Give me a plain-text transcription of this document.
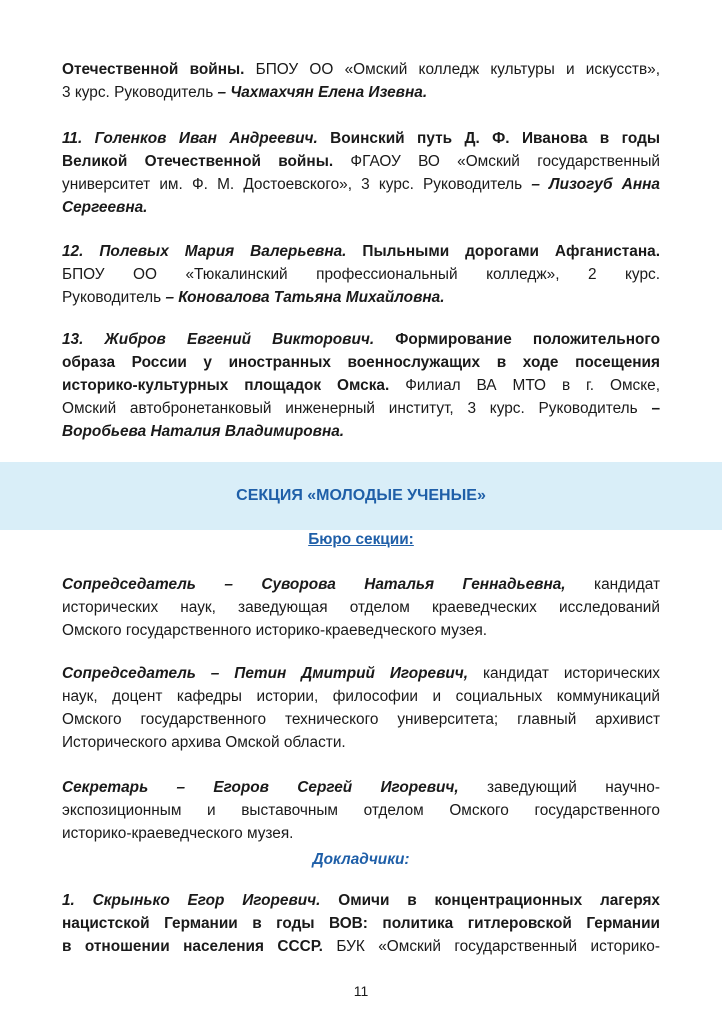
Отечественной войны. БПОУ ОО «Омский колледж культуры и искусств»,
3 курс. Руководитель – Чахмахчян Елена Изевна.
11. Голенков Иван Андреевич. Воинский путь Д. Ф. Иванова в годы
Великой Отечественной войны. ФГАОУ ВО «Омский государственный
университет им. Ф. М. Достоевского», 3 курс. Руководитель – Лизогуб Анна
Сергеевна.
12. Полевых Мария Валерьевна. Пыльными дорогами Афганистана.
БПОУ ОО «Тюкалинский профессиональный колледж», 2 курс.
Руководитель – Коновалова Татьяна Михайловна.
13. Жибров Евгений Викторович. Формирование положительного
образа России у иностранных военнослужащих в ходе посещения
историко-культурных площадок Омска. Филиал ВА МТО в г. Омске,
Омский автобронетанковый инженерный институт, 3 курс. Руководитель –
Воробьева Наталия Владимировна.
СЕКЦИЯ «МОЛОДЫЕ УЧЕНЫЕ»
Бюро секции:
Сопредседатель – Суворова Наталья Геннадьевна, кандидат
исторических наук, заведующая отделом краеведческих исследований
Омского государственного историко-краеведческого музея.
Сопредседатель – Петин Дмитрий Игоревич, кандидат исторических
наук, доцент кафедры истории, философии и социальных коммуникаций
Омского государственного технического университета; главный архивист
Исторического архива Омской области.
Секретарь – Егоров Сергей Игоревич, заведующий научно-
экспозиционным и выставочным отделом Омского государственного
историко-краеведческого музея.
Докладчики:
1. Скрынько Егор Игоревич. Омичи в концентрационных лагерях
нацистской Германии в годы ВОВ: политика гитлеровской Германии
в отношении населения СССР. БУК «Омский государственный историко-
11
